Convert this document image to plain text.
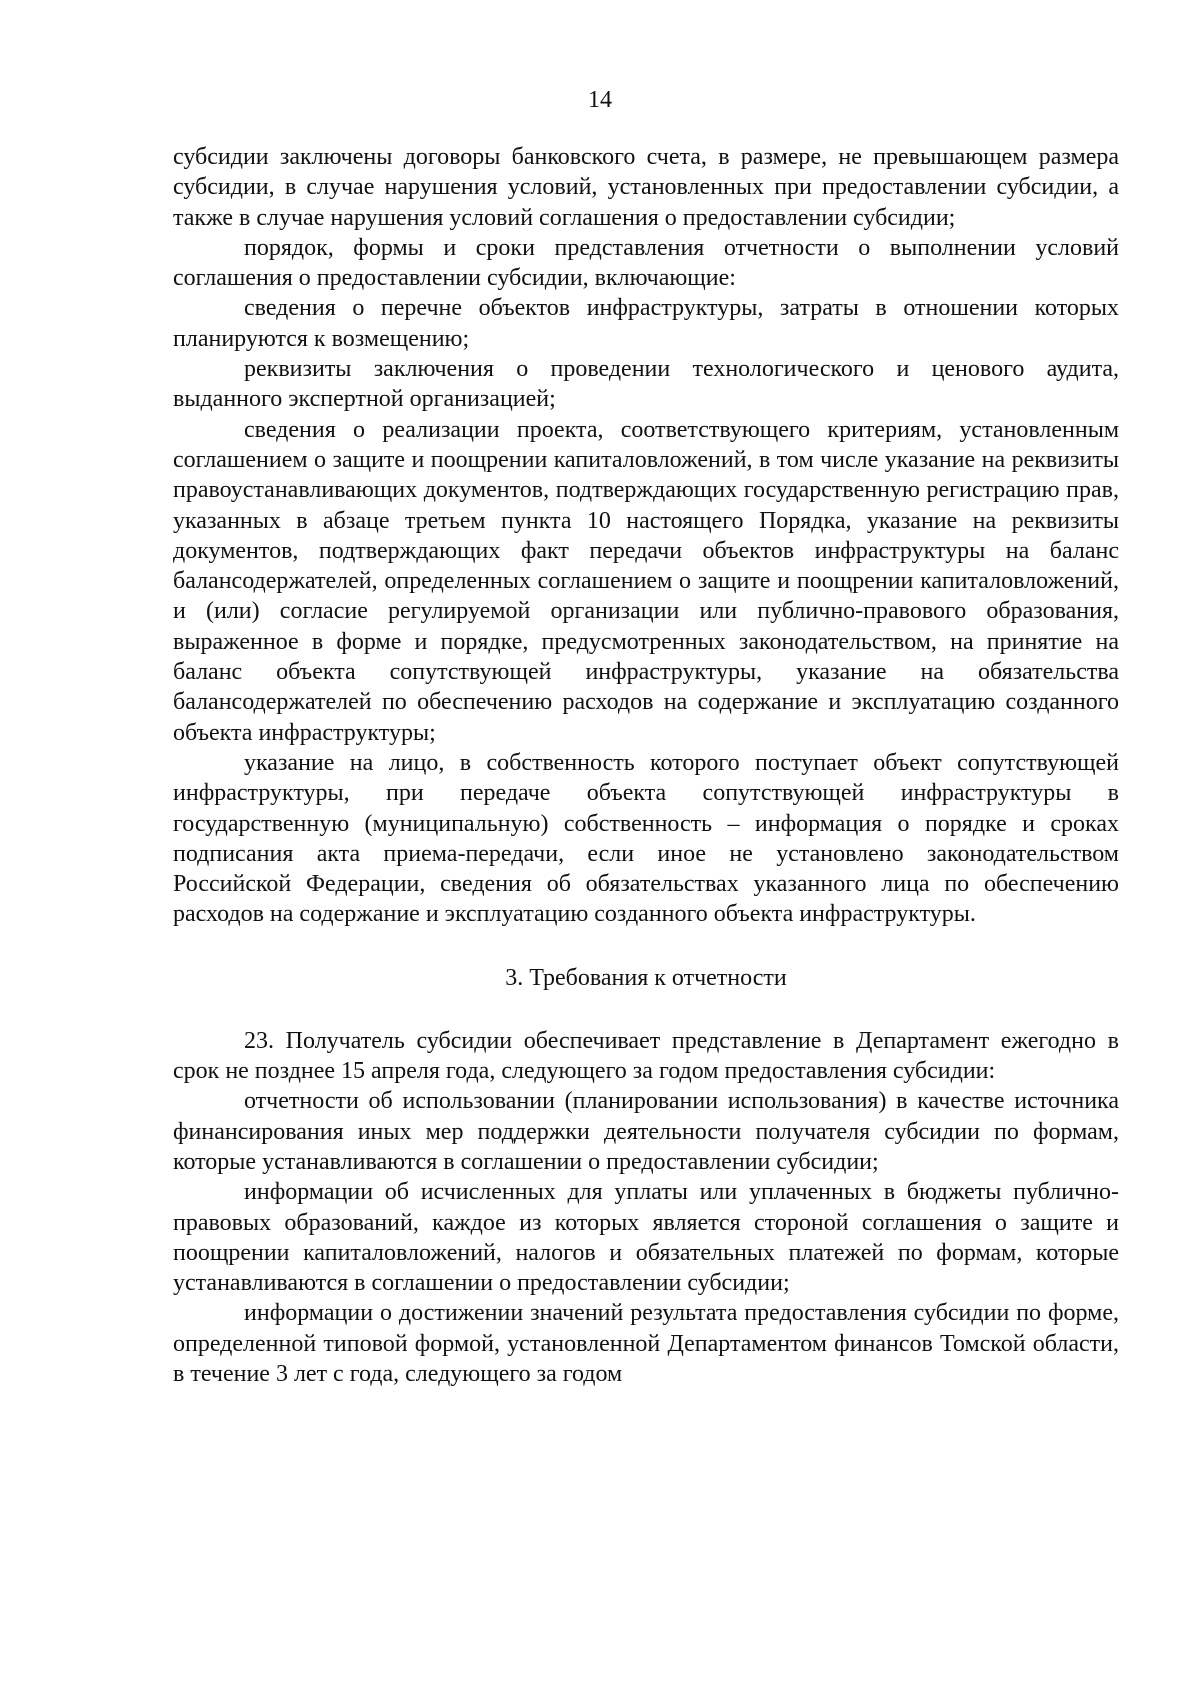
14

субсидии заключены договоры банковского счета, в размере, не превышающем размера субсидии, в случае нарушения условий, установленных при предоставлении субсидии, а также в случае нарушения условий соглашения о предоставлении субсидии;

порядок, формы и сроки представления отчетности о выполнении условий соглашения о предоставлении субсидии, включающие:

сведения о перечне объектов инфраструктуры, затраты в отношении которых планируются к возмещению;

реквизиты заключения о проведении технологического и ценового аудита, выданного экспертной организацией;

сведения о реализации проекта, соответствующего критериям, установленным соглашением о защите и поощрении капиталовложений, в том числе указание на реквизиты правоустанавливающих документов, подтверждающих государственную регистрацию прав, указанных в абзаце третьем пункта 10 настоящего Порядка, указание на реквизиты документов, подтверждающих факт передачи объектов инфраструктуры на баланс балансодержателей, определенных соглашением о защите и поощрении капиталовложений, и (или) согласие регулируемой организации или публично-правового образования, выраженное в форме и порядке, предусмотренных законодательством, на принятие на баланс объекта сопутствующей инфраструктуры, указание на обязательства балансодержателей по обеспечению расходов на содержание и эксплуатацию созданного объекта инфраструктуры;

указание на лицо, в собственность которого поступает объект сопутствующей инфраструктуры, при передаче объекта сопутствующей инфраструктуры в государственную (муниципальную) собственность – информация о порядке и сроках подписания акта приема-передачи, если иное не установлено законодательством Российской Федерации, сведения об обязательствах указанного лица по обеспечению расходов на содержание и эксплуатацию созданного объекта инфраструктуры.

3. Требования к отчетности

23. Получатель субсидии обеспечивает представление в Департамент ежегодно в срок не позднее 15 апреля года, следующего за годом предоставления субсидии:

отчетности об использовании (планировании использования) в качестве источника финансирования иных мер поддержки деятельности получателя субсидии по формам, которые устанавливаются в соглашении о предоставлении субсидии;

информации об исчисленных для уплаты или уплаченных в бюджеты публично-правовых образований, каждое из которых является стороной соглашения о защите и поощрении капиталовложений, налогов и обязательных платежей по формам, которые устанавливаются в соглашении о предоставлении субсидии;

информации о достижении значений результата предоставления субсидии по форме, определенной типовой формой, установленной Департаментом финансов Томской области, в течение 3 лет с года, следующего за годом
